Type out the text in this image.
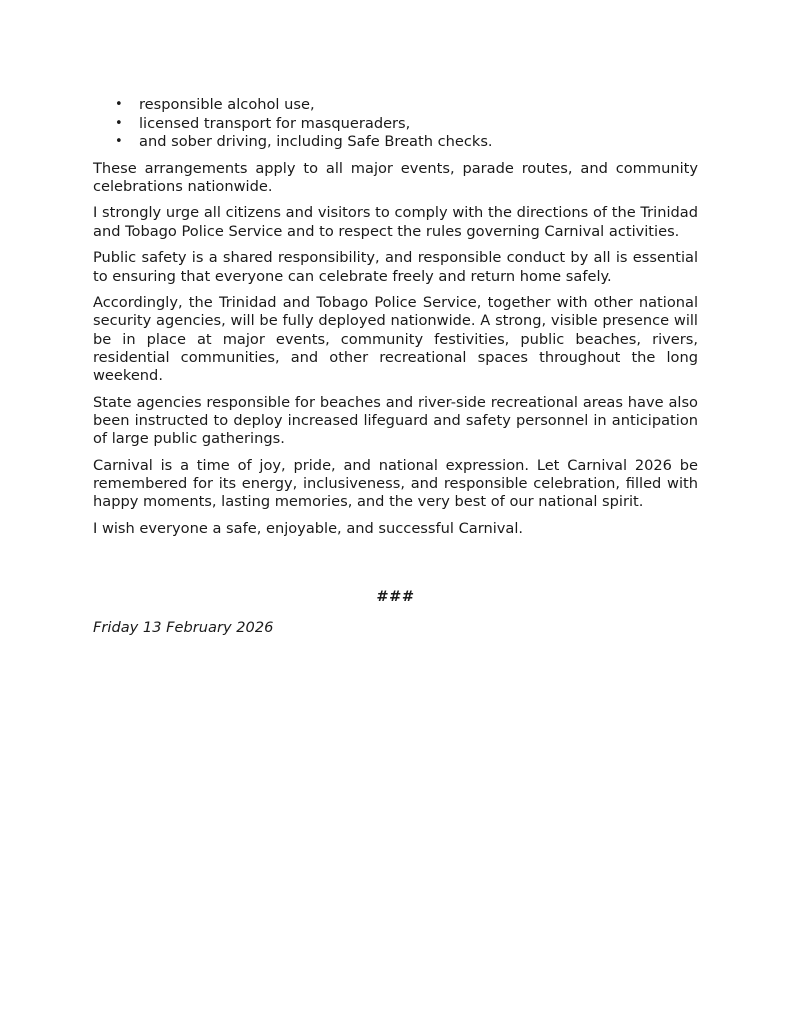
• responsible alcohol use,
• licensed transport for masqueraders,
• and sober driving, including Safe Breath checks.

These arrangements apply to all major events, parade routes, and community celebrations nationwide.

I strongly urge all citizens and visitors to comply with the directions of the Trinidad and Tobago Police Service and to respect the rules governing Carnival activities.

Public safety is a shared responsibility, and responsible conduct by all is essential to ensuring that everyone can celebrate freely and return home safely.

Accordingly, the Trinidad and Tobago Police Service, together with other national security agencies, will be fully deployed nationwide. A strong, visible presence will be in place at major events, community festivities, public beaches, rivers, residential communities, and other recreational spaces throughout the long weekend.

State agencies responsible for beaches and river-side recreational areas have also been instructed to deploy increased lifeguard and safety personnel in anticipation of large public gatherings.

Carnival is a time of joy, pride, and national expression. Let Carnival 2026 be remembered for its energy, inclusiveness, and responsible celebration, filled with happy moments, lasting memories, and the very best of our national spirit.

I wish everyone a safe, enjoyable, and successful Carnival.

###

Friday 13 February 2026
